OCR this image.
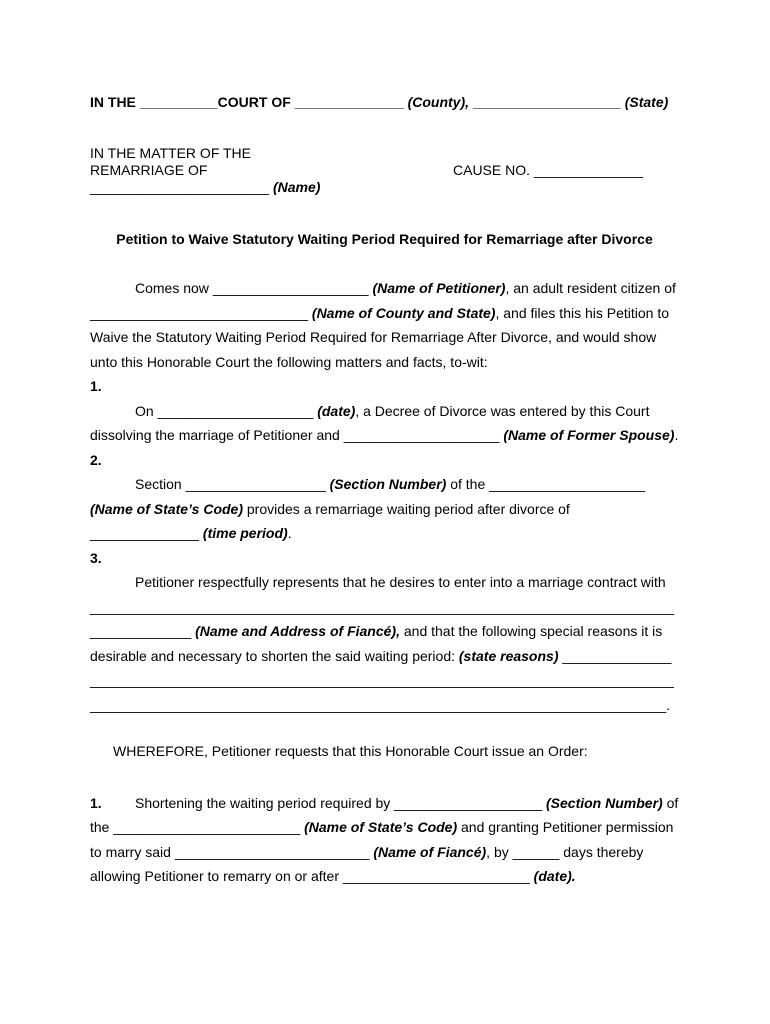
IN THE __________COURT OF ______________ (County), ___________________ (State)
IN THE MATTER OF THE
REMARRIAGE OF
_______________________ (Name)
CAUSE NO. ______________
Petition to Waive Statutory Waiting Period Required for Remarriage after Divorce
Comes now ____________________ (Name of Petitioner), an adult resident citizen of
____________________________ (Name of County and State), and files this his Petition to
Waive the Statutory Waiting Period Required for Remarriage After Divorce, and would show
unto this Honorable Court the following matters and facts, to-wit:
1.
On ____________________ (date), a Decree of Divorce was entered by this Court
dissolving the marriage of Petitioner and ____________________ (Name of Former Spouse).
2.
Section __________________ (Section Number) of the ____________________
(Name of State’s Code) provides a remarriage waiting period after divorce of
______________ (time period).
3.
Petitioner respectfully represents that he desires to enter into a marriage contract with
___________________________________________________________________________
_____________ (Name and Address of Fiancé), and that the following special reasons it is
desirable and necessary to shorten the said waiting period: (state reasons) ______________
___________________________________________________________________________
__________________________________________________________________________.
WHEREFORE, Petitioner requests that this Honorable Court issue an Order:
1. Shortening the waiting period required by ___________________ (Section Number) of
the ________________________ (Name of State’s Code) and granting Petitioner permission
to marry said _________________________ (Name of Fiancé), by ______ days thereby
allowing Petitioner to remarry on or after ________________________ (date).
